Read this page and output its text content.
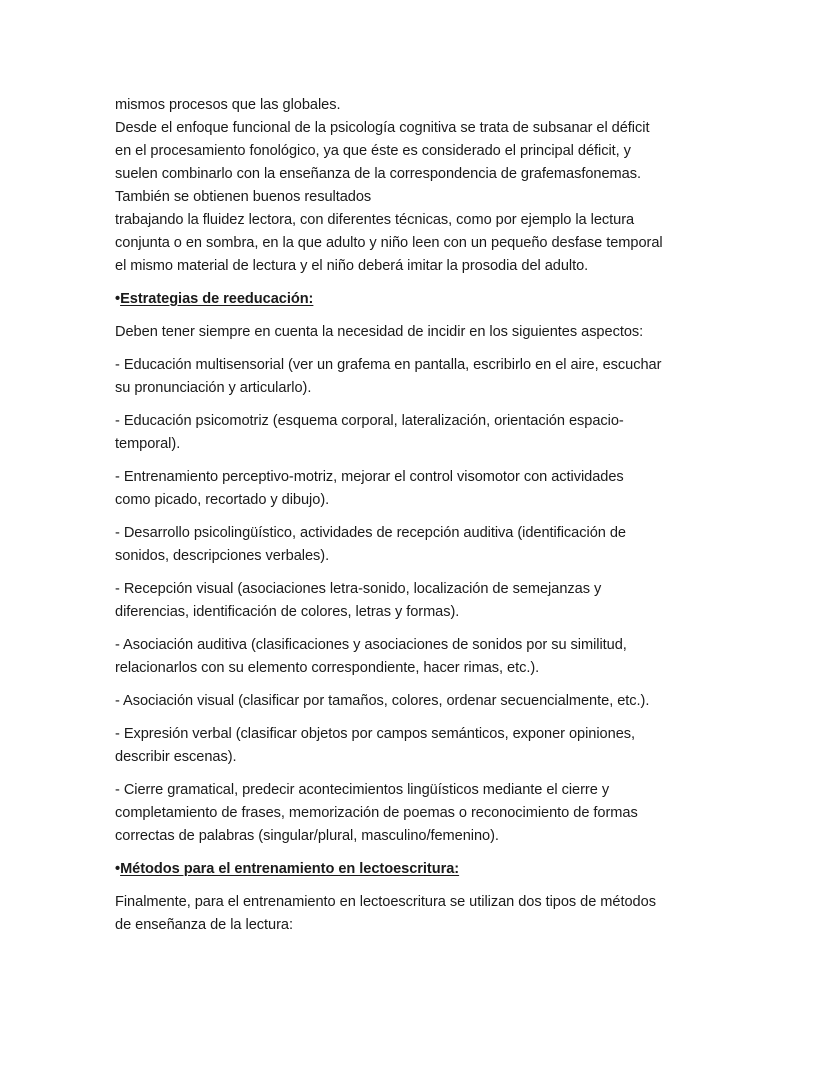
mismos procesos que las globales.
Desde el enfoque funcional de la psicología cognitiva se trata de subsanar el déficit
en el procesamiento fonológico, ya que éste es considerado el principal déficit, y
suelen combinarlo con la enseñanza de la correspondencia de grafemasfonemas.
También se obtienen buenos resultados
trabajando la fluidez lectora, con diferentes técnicas, como por ejemplo la lectura
conjunta o en sombra, en la que adulto y niño leen con un pequeño desfase temporal
el mismo material de lectura y el niño deberá imitar la prosodia del adulto.

•Estrategias de reeducación:

Deben tener siempre en cuenta la necesidad de incidir en los siguientes aspectos:

- Educación multisensorial (ver un grafema en pantalla, escribirlo en el aire, escuchar
su pronunciación y articularlo).

- Educación psicomotriz (esquema corporal, lateralización, orientación espacio-
temporal).

- Entrenamiento perceptivo-motriz, mejorar el control visomotor con actividades
como picado, recortado y dibujo).

- Desarrollo psicolingüístico, actividades de recepción auditiva (identificación de
sonidos, descripciones verbales).

- Recepción visual (asociaciones letra-sonido, localización de semejanzas y
diferencias, identificación de colores, letras y formas).

- Asociación auditiva (clasificaciones y asociaciones de sonidos por su similitud,
relacionarlos con su elemento correspondiente, hacer rimas, etc.).

- Asociación visual (clasificar por tamaños, colores, ordenar secuencialmente, etc.).

- Expresión verbal (clasificar objetos por campos semánticos, exponer opiniones,
describir escenas).

- Cierre gramatical, predecir acontecimientos lingüísticos mediante el cierre y
completamiento de frases, memorización de poemas o reconocimiento de formas
correctas de palabras (singular/plural, masculino/femenino).

•Métodos para el entrenamiento en lectoescritura:

Finalmente, para el entrenamiento en lectoescritura se utilizan dos tipos de métodos
de enseñanza de la lectura:
